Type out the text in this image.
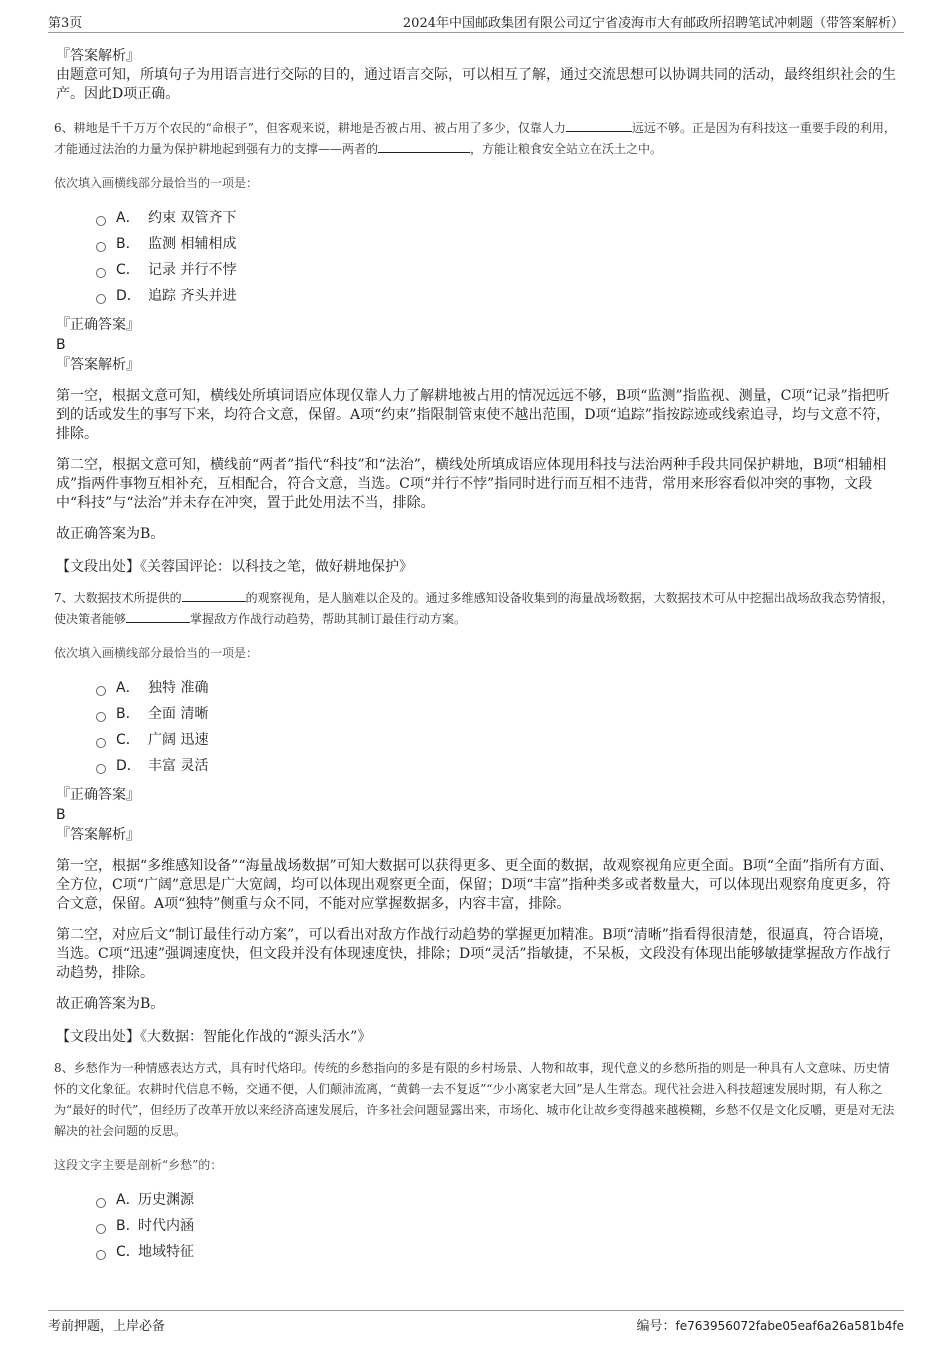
第3页	2024年中国邮政集团有限公司辽宁省凌海市大有邮政所招聘笔试冲刺题（带答案解析）
『答案解析』

由题意可知，所填句子为用语言进行交际的目的，通过语言交际，可以相互了解，通过交流思想可以协调共同的活动，最终组织社会的生产。因此D项正确。

6、耕地是千千万万个农民的“命根子”，但客观来说，耕地是否被占用、被占用了多少，仅靠人力	远远不够。正是因为有科技这一重要手段的利用，才能通过法治的力量为保护耕地起到强有力的支撑——两者的	，方能让粮食安全站立在沃土之中。

依次填入画横线部分最恰当的一项是：
A． 约束 双管齐下
B． 监测 相辅相成
C． 记录 并行不悖
D． 追踪 齐头并进
『正确答案』
B
『答案解析』

第一空，根据文意可知，横线处所填词语应体现仅靠人力了解耕地被占用的情况远远不够，B项“监测”指监视、测量，C项“记录”指把听到的话或发生的事写下来，均符合文意，保留。A项“约束”指限制管束使不越出范围，D项“追踪”指按踪迹或线索追寻，均与文意不符，排除。

第二空，根据文意可知，横线前“两者”指代“科技”和“法治”，横线处所填成语应体现用科技与法治两种手段共同保护耕地，B项“相辅相成”指两件事物互相补充，互相配合，符合文意，当选。C项“并行不悖”指同时进行而互相不违背，常用来形容看似冲突的事物，文段中“科技”与“法治”并未存在冲突，置于此处用法不当，排除。

故正确答案为B。

【文段出处】《关蓉国评论：以科技之笔，做好耕地保护》

7、大数据技术所提供的	的观察视角，是人脑难以企及的。通过多维感知设备收集到的海量战场数据，大数据技术可从中挖掘出战场敌我态势情报，使决策者能够	掌握敌方作战行动趋势，帮助其制订最佳行动方案。

依次填入画横线部分最恰当的一项是：
A． 独特 准确
B． 全面 清晰
C． 广阔 迅速
D． 丰富 灵活
『正确答案』
B
『答案解析』

第一空，根据“多维感知设备”“海量战场数据”可知大数据可以获得更多、更全面的数据，故观察视角应更全面。B项“全面”指所有方面、全方位，C项“广阔”意思是广大宽阔，均可以体现出观察更全面，保留；D项“丰富”指种类多或者数量大，可以体现出观察角度更多，符合文意，保留。A项“独特”侧重与众不同，不能对应掌握数据多，内容丰富，排除。

第二空，对应后文“制订最佳行动方案”，可以看出对敌方作战行动趋势的掌握更加精准。B项“清晰”指看得很清楚，很逼真，符合语境，当选。C项“迅速”强调速度快，但文段并没有体现速度快，排除；D项“灵活”指敏捷，不呆板，文段没有体现出能够敏捷掌握敌方作战行动趋势，排除。

故正确答案为B。

【文段出处】《大数据：智能化作战的“源头活水”》

8、乡愁作为一种情感表达方式，具有时代烙印。传统的乡愁指向的多是有限的乡村场景、人物和故事，现代意义的乡愁所指的则是一种具有人文意味、历史情怀的文化象征。农耕时代信息不畅，交通不便，人们颠沛流离，“黄鹤一去不复返”“少小离家老大回”是人生常态。现代社会进入科技超速发展时期，有人称之为“最好的时代”，但经历了改革开放以来经济高速发展后，许多社会问题显露出来，市场化、城市化让故乡变得越来越模糊，乡愁不仅是文化反嚼，更是对无法解决的社会问题的反思。

这段文字主要是剖析“乡愁”的：
A．
历史渊源
B．
时代内涵
C．
地域特征
考前押题，上岸必备	编号：fe763956072fabe05eaf6a26a581b4fe
